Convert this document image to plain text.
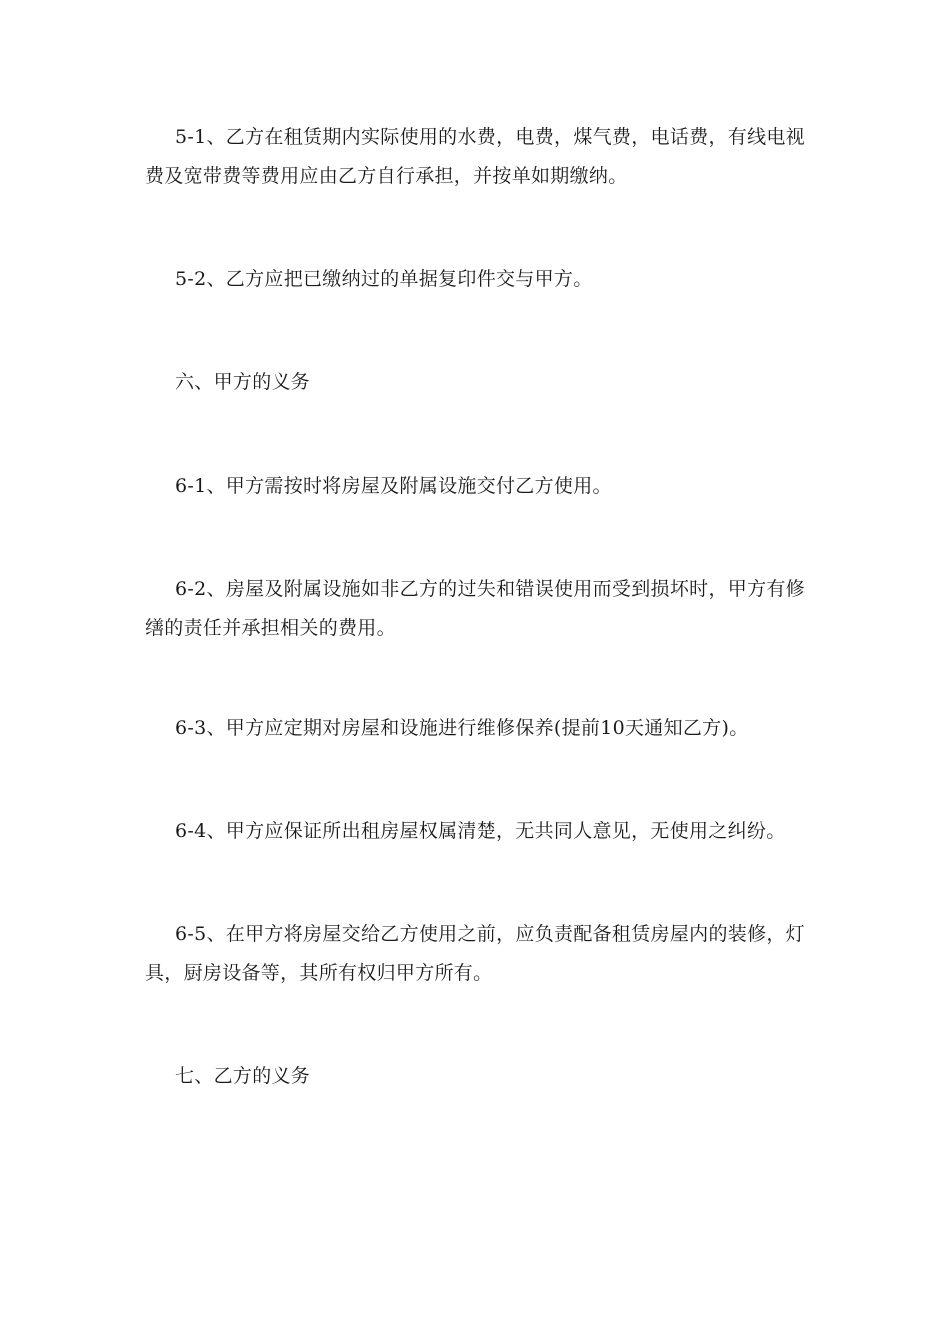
5-1、乙方在租赁期内实际使用的水费，电费，煤气费，电话费，有线电视费及宽带费等费用应由乙方自行承担，并按单如期缴纳。

5-2、乙方应把已缴纳过的单据复印件交与甲方。

六、甲方的义务

6-1、甲方需按时将房屋及附属设施交付乙方使用。

6-2、房屋及附属设施如非乙方的过失和错误使用而受到损坏时，甲方有修缮的责任并承担相关的费用。

6-3、甲方应定期对房屋和设施进行维修保养(提前10天通知乙方)。

6-4、甲方应保证所出租房屋权属清楚，无共同人意见，无使用之纠纷。

6-5、在甲方将房屋交给乙方使用之前，应负责配备租赁房屋内的装修，灯具，厨房设备等，其所有权归甲方所有。

七、乙方的义务
